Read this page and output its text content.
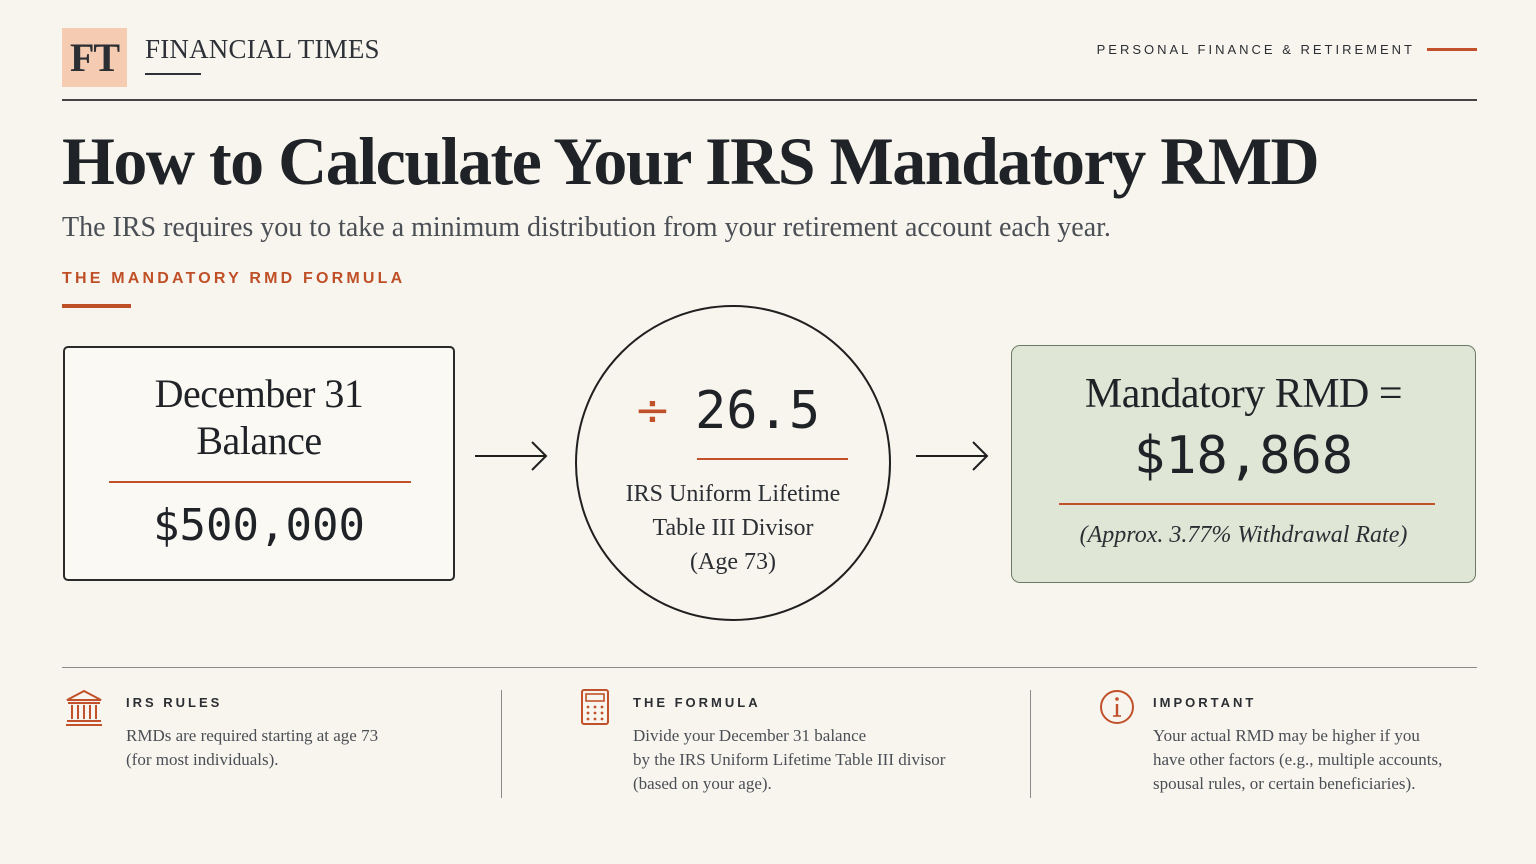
FT FINANCIAL TIMES	PERSONAL FINANCE & RETIREMENT
How to Calculate Your IRS Mandatory RMD
The IRS requires you to take a minimum distribution from your retirement account each year.
THE MANDATORY RMD FORMULA
December 31
Balance
$500,000
÷ 26.5
IRS Uniform Lifetime
Table III Divisor
(Age 73)
Mandatory RMD =
$18,868
(Approx. 3.77% Withdrawal Rate)
IRS RULES
RMDs are required starting at age 73
(for most individuals).
THE FORMULA
Divide your December 31 balance
by the IRS Uniform Lifetime Table III divisor
(based on your age).
IMPORTANT
Your actual RMD may be higher if you
have other factors (e.g., multiple accounts,
spousal rules, or certain beneficiaries).
